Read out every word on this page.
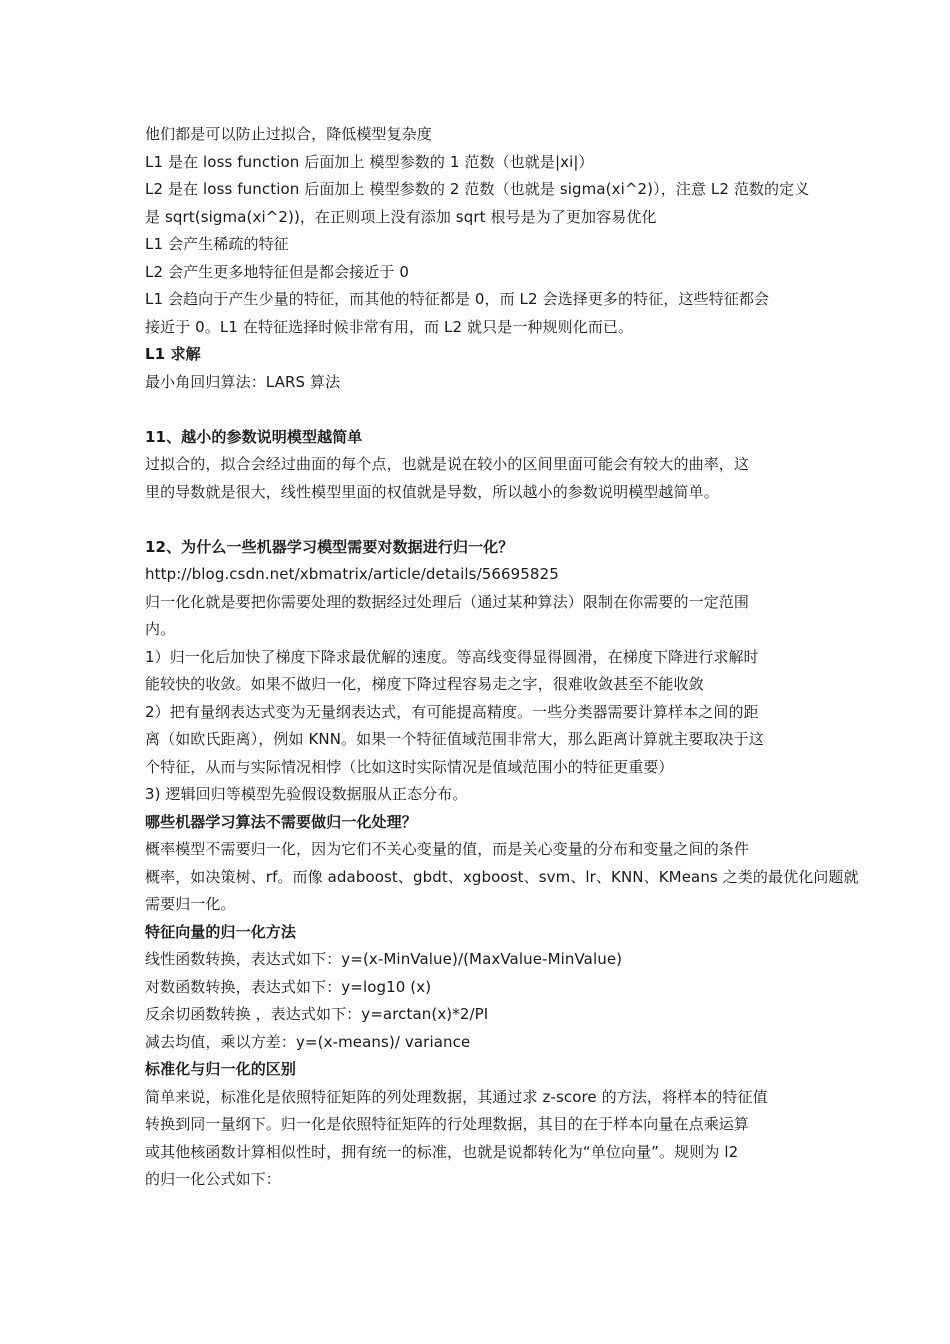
他们都是可以防止过拟合，降低模型复杂度
L1 是在 loss function 后面加上 模型参数的 1 范数（也就是|xi|）
L2 是在 loss function 后面加上 模型参数的 2 范数（也就是 sigma(xi^2)），注意 L2 范数的定义
是 sqrt(sigma(xi^2))，在正则项上没有添加 sqrt 根号是为了更加容易优化
L1 会产生稀疏的特征
L2 会产生更多地特征但是都会接近于 0
L1 会趋向于产生少量的特征，而其他的特征都是 0，而 L2 会选择更多的特征，这些特征都会
接近于 0。L1 在特征选择时候非常有用，而 L2 就只是一种规则化而已。
L1 求解
最小角回归算法：LARS 算法
11、越小的参数说明模型越简单
过拟合的，拟合会经过曲面的每个点，也就是说在较小的区间里面可能会有较大的曲率，这
里的导数就是很大，线性模型里面的权值就是导数，所以越小的参数说明模型越简单。
12、为什么一些机器学习模型需要对数据进行归一化？
http://blog.csdn.net/xbmatrix/article/details/56695825
归一化化就是要把你需要处理的数据经过处理后（通过某种算法）限制在你需要的一定范围
内。
1）归一化后加快了梯度下降求最优解的速度。等高线变得显得圆滑，在梯度下降进行求解时
能较快的收敛。如果不做归一化，梯度下降过程容易走之字，很难收敛甚至不能收敛
2）把有量纲表达式变为无量纲表达式，有可能提高精度。一些分类器需要计算样本之间的距
离（如欧氏距离），例如 KNN。如果一个特征值域范围非常大，那么距离计算就主要取决于这
个特征，从而与实际情况相悖（比如这时实际情况是值域范围小的特征更重要）
3) 逻辑回归等模型先验假设数据服从正态分布。
哪些机器学习算法不需要做归一化处理？
概率模型不需要归一化，因为它们不关心变量的值，而是关心变量的分布和变量之间的条件
概率，如决策树、rf。而像 adaboost、gbdt、xgboost、svm、lr、KNN、KMeans 之类的最优化问题就
需要归一化。
特征向量的归一化方法
线性函数转换，表达式如下：y=(x-MinValue)/(MaxValue-MinValue)
对数函数转换，表达式如下：y=log10 (x)
反余切函数转换 ，表达式如下：y=arctan(x)*2/PI
减去均值，乘以方差：y=(x-means)/ variance
标准化与归一化的区别
简单来说，标准化是依照特征矩阵的列处理数据，其通过求 z-score 的方法，将样本的特征值
转换到同一量纲下。归一化是依照特征矩阵的行处理数据，其目的在于样本向量在点乘运算
或其他核函数计算相似性时，拥有统一的标准，也就是说都转化为“单位向量”。规则为 l2
的归一化公式如下：
